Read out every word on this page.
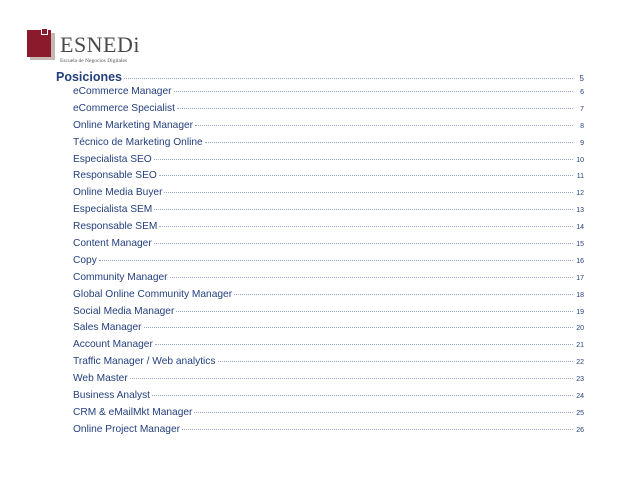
ESNEDi
Escuela de Negocios Digitales
Posiciones	5
eCommerce Manager	6
eCommerce Specialist	7
Online Marketing Manager	8
Técnico de Marketing Online	9
Especialista SEO	10
Responsable SEO	11
Online Media Buyer	12
Especialista SEM	13
Responsable SEM	14
Content Manager	15
Copy	16
Community Manager	17
Global Online Community Manager	18
Social Media Manager	19
Sales Manager	20
Account Manager	21
Traffic Manager / Web analytics	22
Web Master	23
Business Analyst	24
CRM & eMailMkt Manager	25
Online Project Manager	26
